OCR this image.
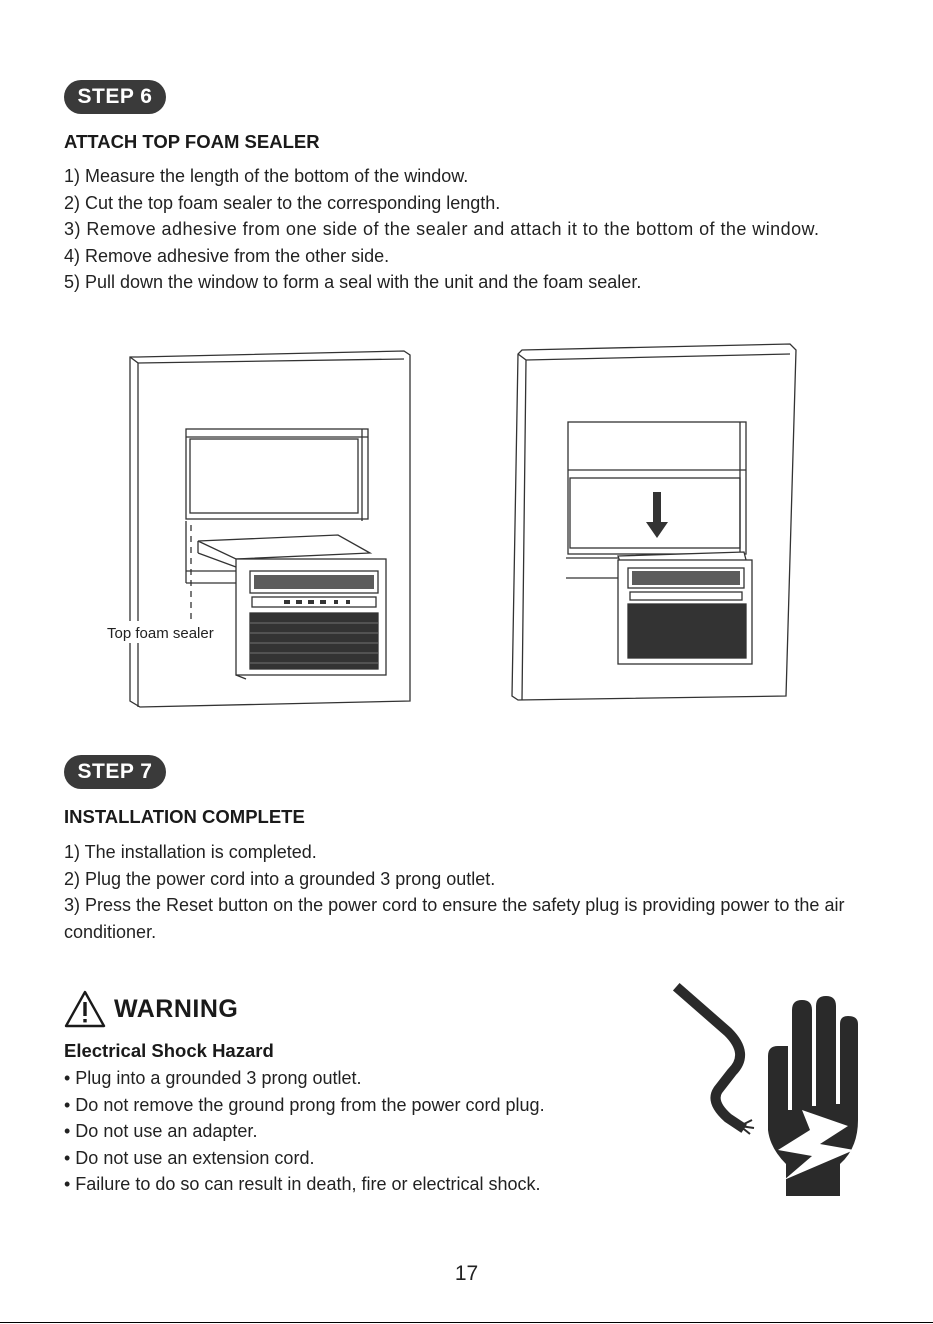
STEP 6
ATTACH TOP FOAM SEALER
1) Measure the length of the bottom of the window.
2) Cut the top foam sealer to the corresponding length.
3) Remove adhesive from one side of the sealer and attach it to the bottom of the window.
4) Remove adhesive from the other side.
5) Pull down the window to form a seal with the unit and the foam sealer.
Top foam sealer
STEP 7
INSTALLATION COMPLETE
1) The installation is completed.
2) Plug the power cord into a grounded 3 prong outlet.
3) Press the Reset button on the power cord to ensure the safety plug is providing power to the air conditioner.
WARNING
Electrical Shock Hazard
• Plug into a grounded 3 prong outlet.
• Do not remove the ground prong from the power cord plug.
• Do not use an adapter.
• Do not use an extension cord.
• Failure to do so can result in death, fire or electrical shock.
17
